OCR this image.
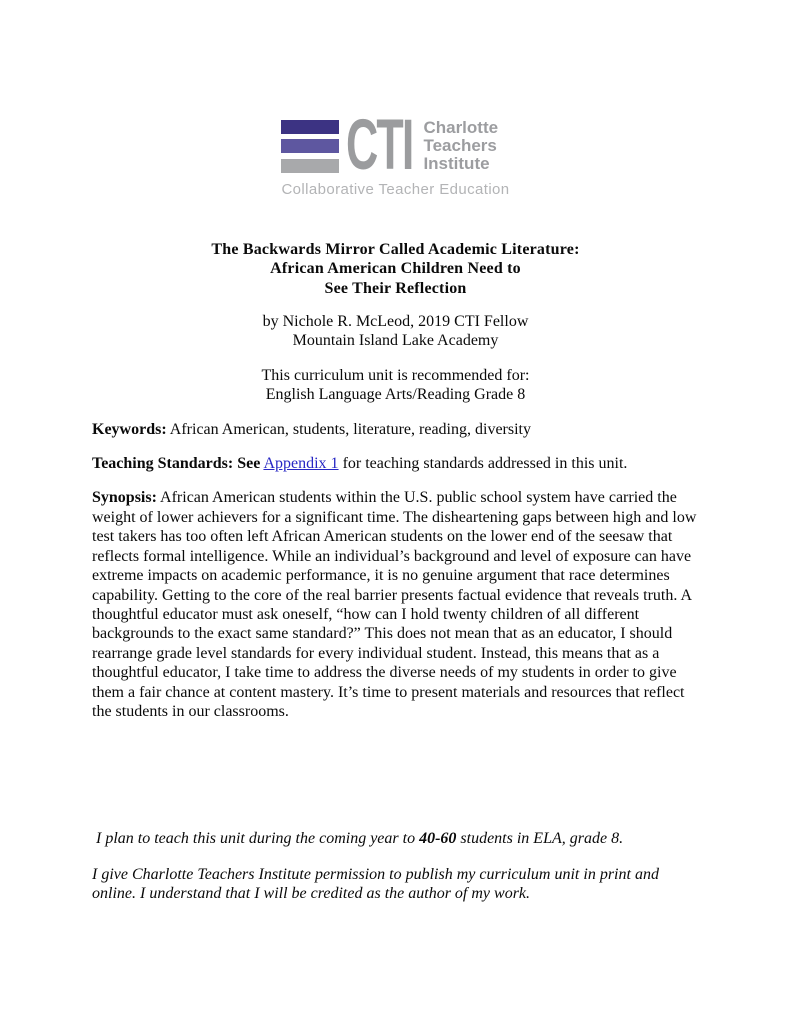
CTI Charlotte
Teachers
Institute
Collaborative Teacher Education
The Backwards Mirror Called Academic Literature:
African American Children Need to
See Their Reflection
by Nichole R. McLeod, 2019 CTI Fellow
Mountain Island Lake Academy
This curriculum unit is recommended for:
English Language Arts/Reading Grade 8

Keywords: African American, students, literature, reading, diversity

Teaching Standards: See Appendix 1 for teaching standards addressed in this unit.

Synopsis: African American students within the U.S. public school system have carried the weight of lower achievers for a significant time. The disheartening gaps between high and low test takers has too often left African American students on the lower end of the seesaw that reflects formal intelligence. While an individual’s background and level of exposure can have extreme impacts on academic performance, it is no genuine argument that race determines capability. Getting to the core of the real barrier presents factual evidence that reveals truth. A thoughtful educator must ask oneself, “how can I hold twenty children of all different backgrounds to the exact same standard?” This does not mean that as an educator, I should rearrange grade level standards for every individual student. Instead, this means that as a thoughtful educator, I take time to address the diverse needs of my students in order to give them a fair chance at content mastery. It’s time to present materials and resources that reflect the students in our classrooms.

I plan to teach this unit during the coming year to 40-60 students in ELA, grade 8.

I give Charlotte Teachers Institute permission to publish my curriculum unit in print and online. I understand that I will be credited as the author of my work.
